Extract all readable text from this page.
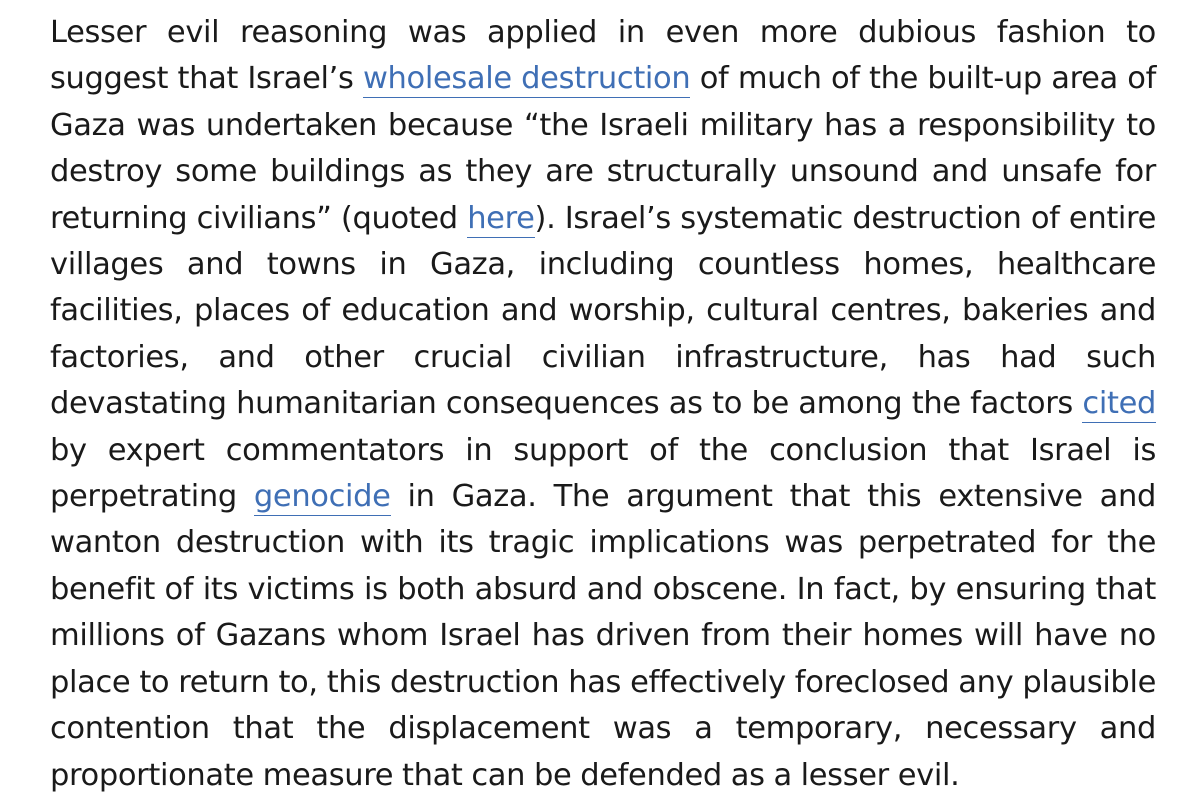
Lesser evil reasoning was applied in even more dubious fashion to suggest that Israel’s wholesale destruction of much of the built-up area of Gaza was undertaken because “the Israeli military has a responsibility to destroy some buildings as they are structurally unsound and unsafe for returning civilians” (quoted here). Israel’s systematic destruction of entire villages and towns in Gaza, including countless homes, healthcare facilities, places of education and worship, cultural centres, bakeries and factories, and other crucial civilian infrastructure, has had such devastating humanitarian consequences as to be among the factors cited by expert commentators in support of the conclusion that Israel is perpetrating genocide in Gaza. The argument that this extensive and wanton destruction with its tragic implications was perpetrated for the benefit of its victims is both absurd and obscene. In fact, by ensuring that millions of Gazans whom Israel has driven from their homes will have no place to return to, this destruction has effectively foreclosed any plausible contention that the displacement was a temporary, necessary and proportionate measure that can be defended as a lesser evil.
